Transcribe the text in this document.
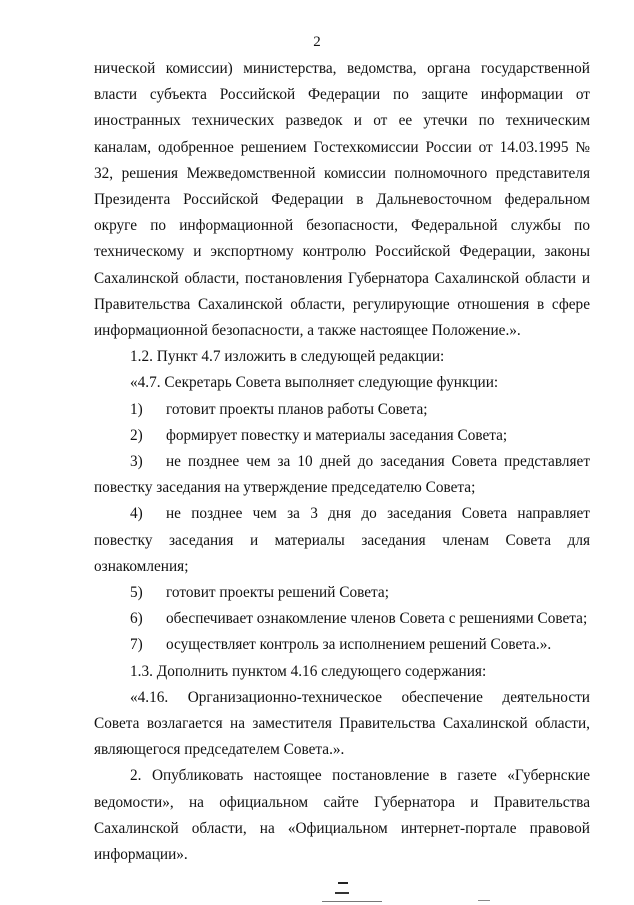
2

ническoй комиссии) министерства, ведомства, органа государственной власти субъекта Российской Федерации по защите информации от иностранных технических разведок и от ее утечки по техническим каналам, одобренное решением Гостехкомиссии России от 14.03.1995 № 32, решения Межведомственной комиссии полномочного представителя Президента Российской Федерации в Дальневосточном федеральном округе по информационной безопасности, Федеральной службы по техническому и экспортному контролю Российской Федерации, законы Сахалинской области, постановления Губернатора Сахалинской области и Правительства Сахалинской области, регулирующие отношения в сфере информационной безопасности, а также настоящее Положение.».

1.2. Пункт 4.7 изложить в следующей редакции:

«4.7. Секретарь Совета выполняет следующие функции:

1)	готовит проекты планов работы Совета;

2)	формирует повестку и материалы заседания Совета;

3) не позднее чем за 10 дней до заседания Совета представляет повестку заседания на утверждение председателю Совета;

4) не позднее чем за 3 дня до заседания Совета направляет повестку заседания и материалы заседания членам Совета для ознакомления;

5)	готовит проекты решений Совета;

6)	обеспечивает ознакомление членов Совета с решениями Совета;

7)	осуществляет контроль за исполнением решений Совета.».

1.3. Дополнить пунктом 4.16 следующего содержания:

«4.16. Организационно-техническое обеспечение деятельности Совета возлагается на заместителя Правительства Сахалинской области, являющегося председателем Совета.».

2. Опубликовать настоящее постановление в газете «Губернские ведомости», на официальном сайте Губернатора и Правительства Сахалинской области, на «Официальном интернет-портале правовой информации».
